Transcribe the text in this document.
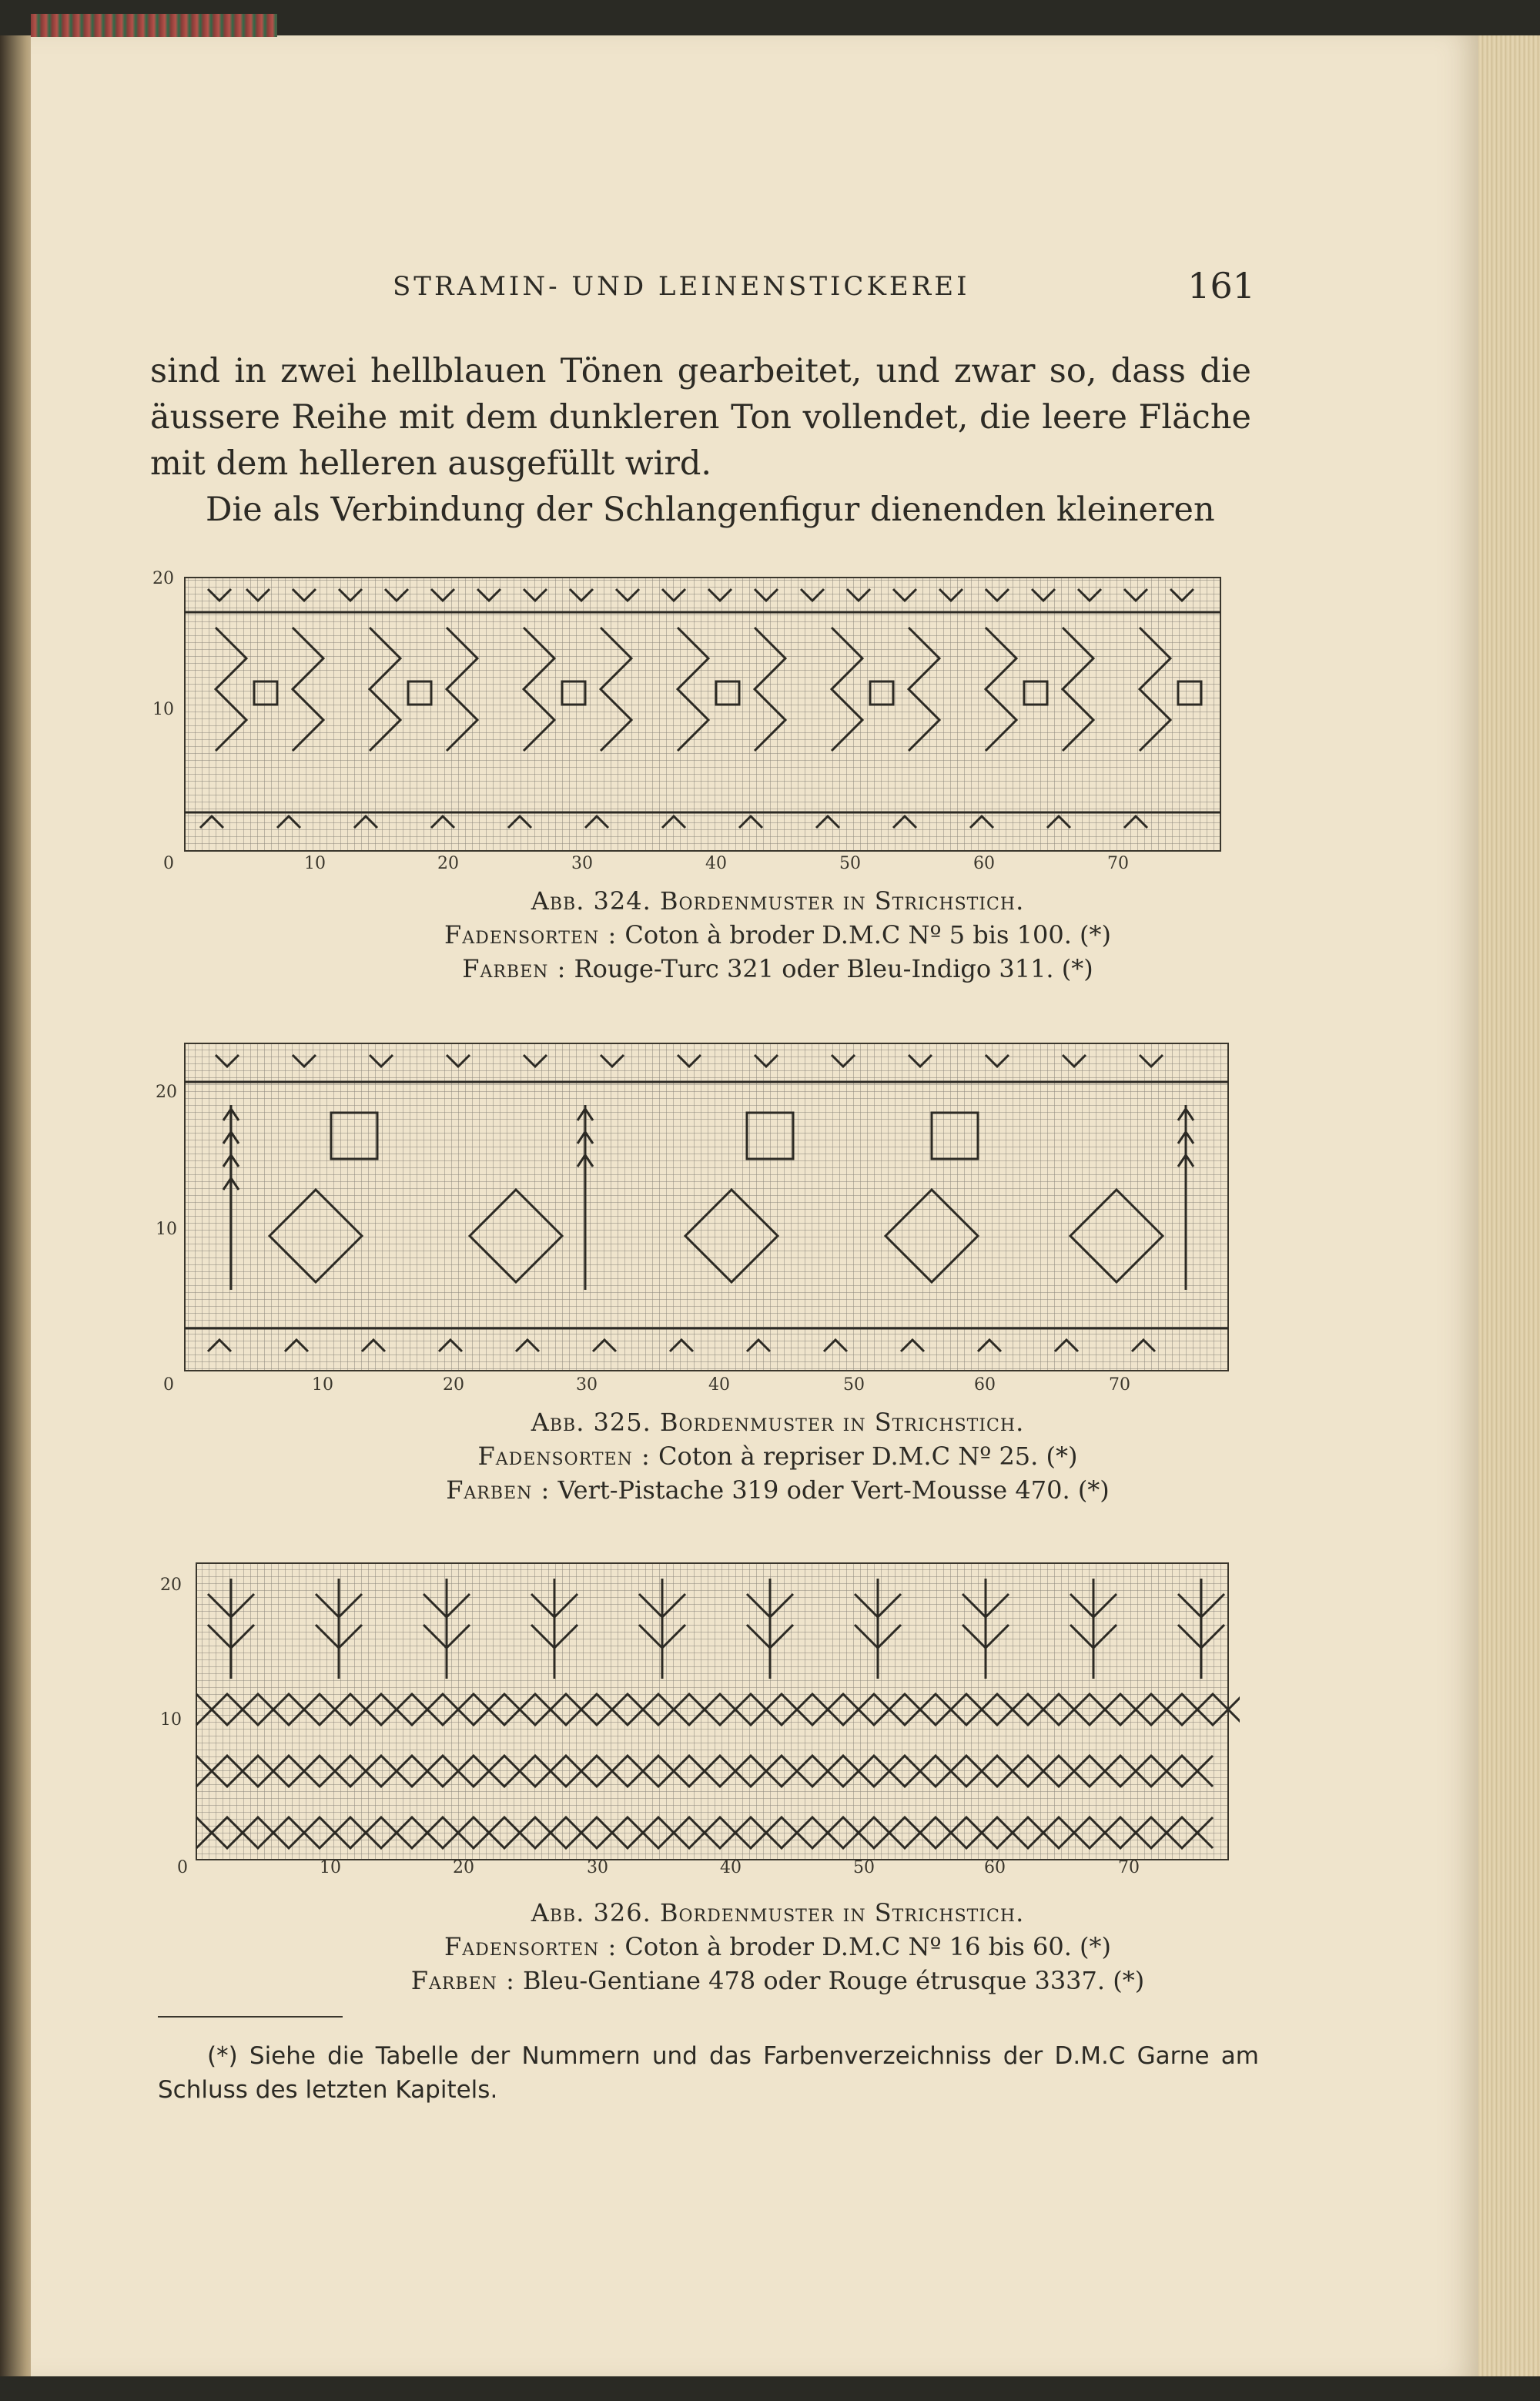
STRAMIN- UND LEINENSTICKEREI	161

sind in zwei hellblauen Tönen gearbeitet, und zwar so, dass die äussere Reihe mit dem dunkleren Ton vollendet, die leere Fläche mit dem helleren ausgefüllt wird.

Die als Verbindung der Schlangenfigur dienenden kleineren

20
10
0	10	20	30	40	50	60	70
Abb. 324. Bordenmuster in Strichstich.
Fadensorten : Coton à broder D.M.C Nº 5 bis 100. (*)
Farben : Rouge-Turc 321 oder Bleu-Indigo 311. (*)
20
10
0	10	20	30	40	50	60	70
Abb. 325. Bordenmuster in Strichstich.
Fadensorten : Coton à repriser D.M.C Nº 25. (*)
Farben : Vert-Pistache 319 oder Vert-Mousse 470. (*)
20
10
0	10	20	30	40	50	60	70
Abb. 326. Bordenmuster in Strichstich.
Fadensorten : Coton à broder D.M.C Nº 16 bis 60. (*)
Farben : Bleu-Gentiane 478 oder Rouge étrusque 3337. (*)
(*) Siehe die Tabelle der Nummern und das Farbenverzeichniss der D.M.C Garne am Schluss des letzten Kapitels.
